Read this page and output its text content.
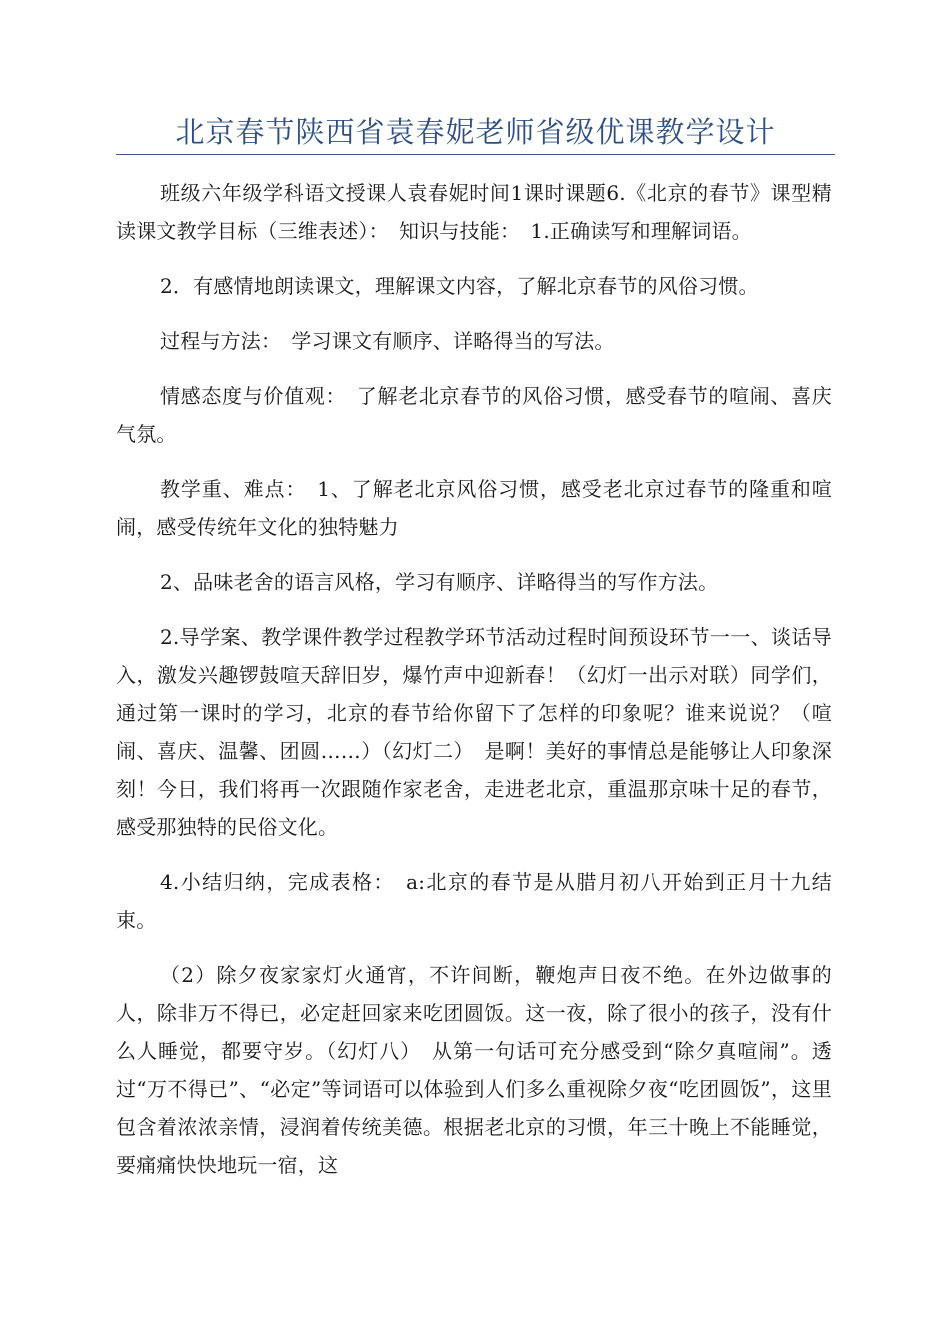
北京春节陕西省袁春妮老师省级优课教学设计

班级六年级学科语文授课人袁春妮时间1课时课题6.《北京的春节》课型精读课文教学目标（三维表述）：　知识与技能：　1.正确读写和理解词语。

2．有感情地朗读课文，理解课文内容，了解北京春节的风俗习惯。

过程与方法：　学习课文有顺序、详略得当的写法。

情感态度与价值观：　了解老北京春节的风俗习惯，感受春节的喧闹、喜庆气氛。

教学重、难点：　1、了解老北京风俗习惯，感受老北京过春节的隆重和喧闹，感受传统年文化的独特魅力

2、品味老舍的语言风格，学习有顺序、详略得当的写作方法。

2.导学案、教学课件教学过程教学环节活动过程时间预设环节一一、谈话导入，激发兴趣锣鼓喧天辞旧岁，爆竹声中迎新春！（幻灯一出示对联）同学们，通过第一课时的学习，北京的春节给你留下了怎样的印象呢？谁来说说？（喧闹、喜庆、温馨、团圆……）（幻灯二）　是啊！美好的事情总是能够让人印象深刻！今日，我们将再一次跟随作家老舍，走进老北京，重温那京味十足的春节，感受那独特的民俗文化。

4.小结归纳，完成表格：　a:北京的春节是从腊月初八开始到正月十九结束。

（2）除夕夜家家灯火通宵，不许间断，鞭炮声日夜不绝。在外边做事的人，除非万不得已，必定赶回家来吃团圆饭。这一夜，除了很小的孩子，没有什么人睡觉，都要守岁。（幻灯八）　从第一句话可充分感受到“除夕真喧闹”。透过“万不得已”、“必定”等词语可以体验到人们多么重视除夕夜“吃团圆饭”，这里包含着浓浓亲情，浸润着传统美德。根据老北京的习惯，年三十晚上不能睡觉，要痛痛快快地玩一宿，这
